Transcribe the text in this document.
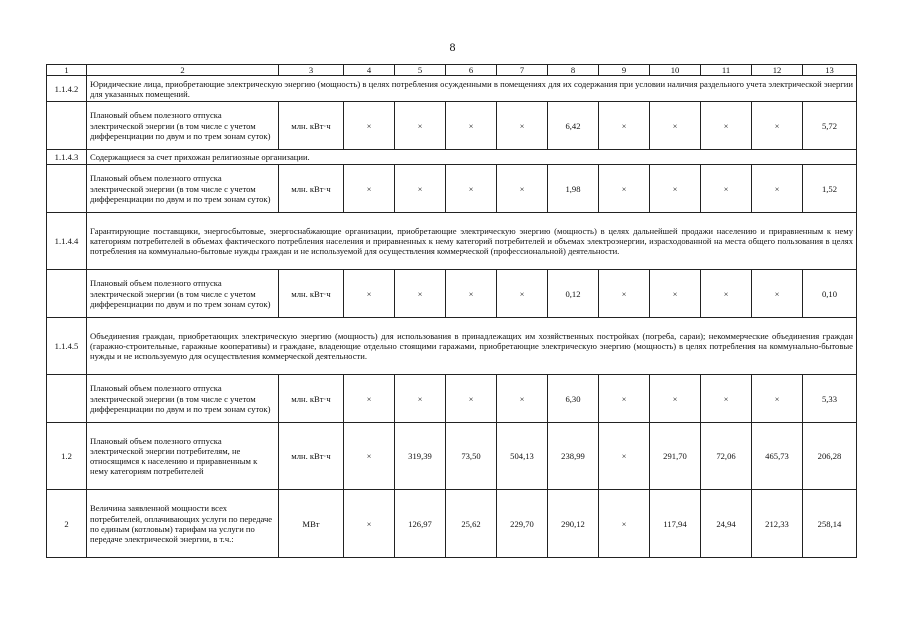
8
1	2	3	4	5	6	7	8	9	10	11	12	13
1.1.4.2	Юридические лица, приобретающие электрическую энергию (мощность) в целях потребления осужденными в помещениях для их содержания при условии наличия раздельного учета электрической энергии для указанных помещений.											
	Плановый объем полезного отпуска электрической энергии (в том числе с учетом дифференциации по двум и по трем зонам суток)	млн. кВт·ч	×	×	×	×	6,42	×	×	×	×	5,72
1.1.4.3	Содержащиеся за счет прихожан религиозные организации.											
	Плановый объем полезного отпуска электрической энергии (в том числе с учетом дифференциации по двум и по трем зонам суток)	млн. кВт·ч	×	×	×	×	1,98	×	×	×	×	1,52
1.1.4.4	Гарантирующие поставщики, энергосбытовые, энергоснабжающие организации, приобретающие электрическую энергию (мощность) в целях дальнейшей продажи населению и приравненным к нему категориям потребителей в объемах фактического потребления населения и приравненных к нему категорий потребителей и объемах электроэнергии, израсходованной на места общего пользования в целях потребления на коммунально-бытовые нужды граждан и не используемой для осуществления коммерческой (профессиональной) деятельности.											
	Плановый объем полезного отпуска электрической энергии (в том числе с учетом дифференциации по двум и по трем зонам суток)	млн. кВт·ч	×	×	×	×	0,12	×	×	×	×	0,10
1.1.4.5	Объединения граждан, приобретающих электрическую энергию (мощность) для использования в принадлежащих им хозяйственных постройках (погреба, сараи); некоммерческие объединения граждан (гаражно-строительные, гаражные кооперативы) и граждане, владеющие отдельно стоящими гаражами, приобретающие электрическую энергию (мощность) в целях потребления на коммунально-бытовые нужды и не используемую для осуществления коммерческой деятельности.											
	Плановый объем полезного отпуска электрической энергии (в том числе с учетом дифференциации по двум и по трем зонам суток)	млн. кВт·ч	×	×	×	×	6,30	×	×	×	×	5,33
1.2	Плановый объем полезного отпуска электрической энергии потребителям, не относящимся к населению и приравненным к нему категориям потребителей	млн. кВт·ч	×	319,39	73,50	504,13	238,99	×	291,70	72,06	465,73	206,28
2	Величина заявленной мощности всех потребителей, оплачивающих услуги по передаче по единым (котловым) тарифам на услуги по передаче электрической энергии, в т.ч.:	МВт	×	126,97	25,62	229,70	290,12	×	117,94	24,94	212,33	258,14
